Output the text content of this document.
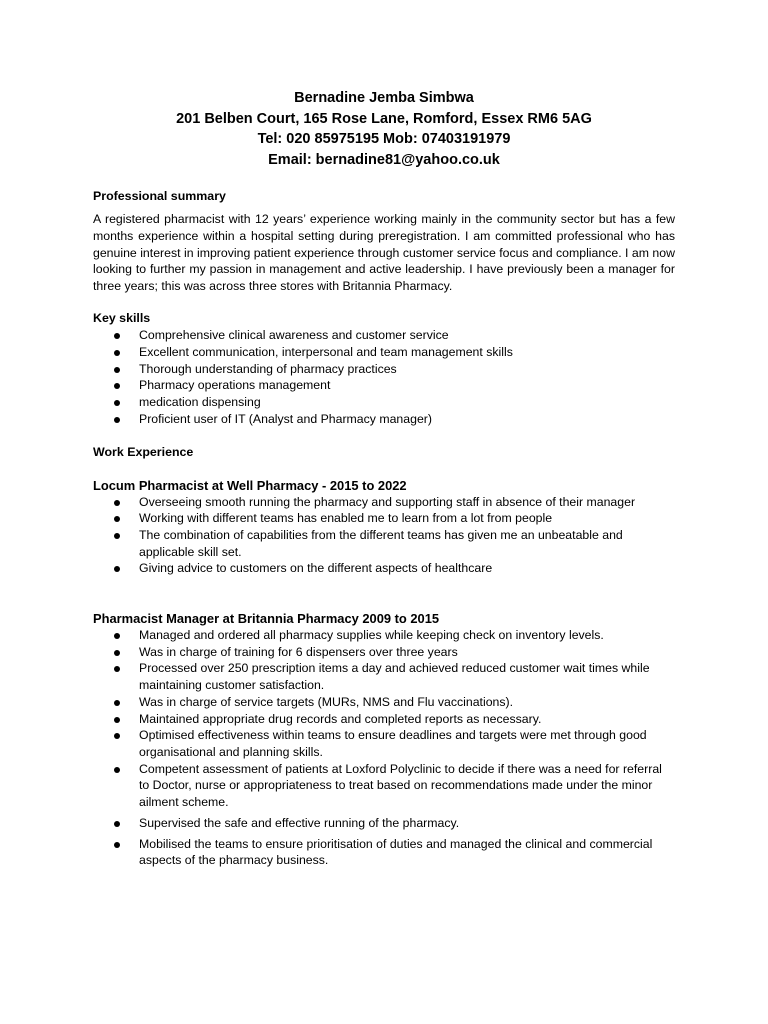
Bernadine Jemba Simbwa
201 Belben Court, 165 Rose Lane, Romford, Essex RM6 5AG
Tel: 020 85975195 Mob: 07403191979
Email: bernadine81@yahoo.co.uk
Professional summary

A registered pharmacist with 12 years’ experience working mainly in the community sector but has a few months experience within a hospital setting during preregistration. I am committed professional who has genuine interest in improving patient experience through customer service focus and compliance. I am now looking to further my passion in management and active leadership. I have previously been a manager for three years; this was across three stores with Britannia Pharmacy.

Key skills
Comprehensive clinical awareness and customer service
Excellent communication, interpersonal and team management skills
Thorough understanding of pharmacy practices
Pharmacy operations management
medication dispensing
Proficient user of IT (Analyst and Pharmacy manager)
Work Experience
Locum Pharmacist at Well Pharmacy - 2015 to 2022
Overseeing smooth running the pharmacy and supporting staff in absence of their manager
Working with different teams has enabled me to learn from a lot from people
The combination of capabilities from the different teams has given me an unbeatable and applicable skill set.
Giving advice to customers on the different aspects of healthcare
Pharmacist Manager at Britannia Pharmacy 2009 to 2015
Managed and ordered all pharmacy supplies while keeping check on inventory levels.
Was in charge of training for 6 dispensers over three years
Processed over 250 prescription items a day and achieved reduced customer wait times while maintaining customer satisfaction.
Was in charge of service targets (MURs, NMS and Flu vaccinations).
Maintained appropriate drug records and completed reports as necessary.
Optimised effectiveness within teams to ensure deadlines and targets were met through good organisational and planning skills.
Competent assessment of patients at Loxford Polyclinic to decide if there was a need for referral to Doctor, nurse or appropriateness to treat based on recommendations made under the minor ailment scheme.
Supervised the safe and effective running of the pharmacy.
Mobilised the teams to ensure prioritisation of duties and managed the clinical and commercial aspects of the pharmacy business.
